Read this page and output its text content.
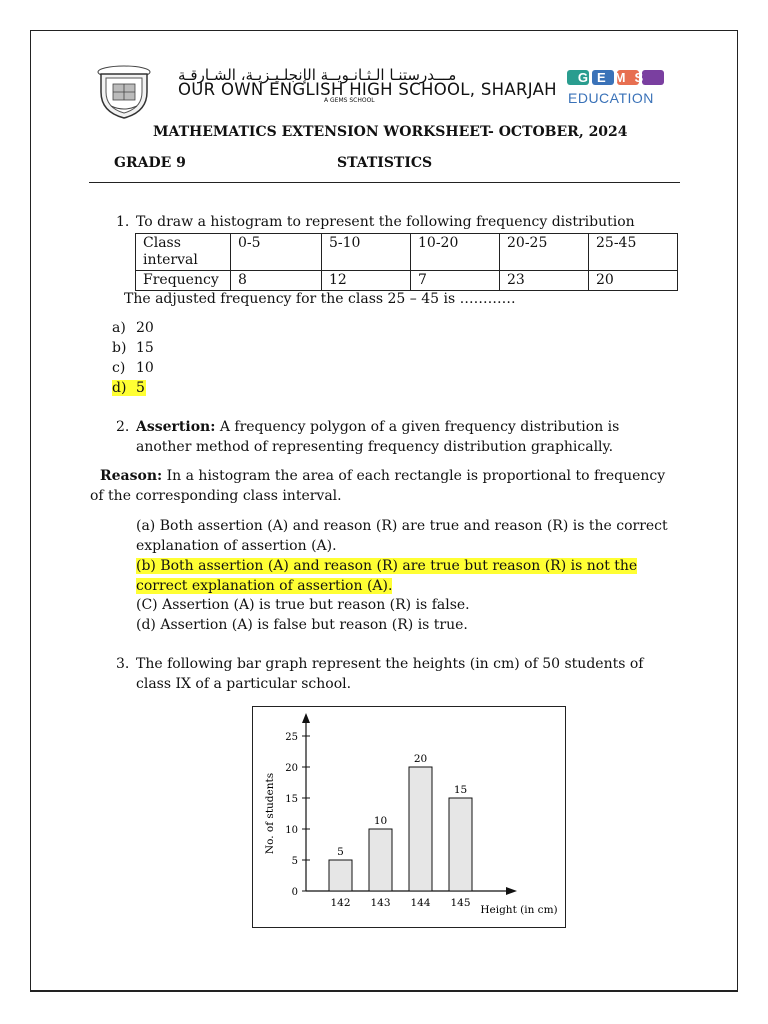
مـــدرستنـا الـثـانـويــة الإنجلـيـزيـة، الشـارقـة
OUR OWN ENGLISH HIGH SCHOOL, SHARJAH
A GEMS SCHOOL
GEMS
EDUCATION
MATHEMATICS EXTENSION WORKSHEET- OCTOBER, 2024
GRADE 9	STATISTICS
1. To draw a histogram to represent the following frequency distribution
Class
interval	0-5	5-10	10-20	20-25	25-45
Frequency	8	12	7	23	20
The adjusted frequency for the class 25 – 45 is …………
a) 20
b) 15
c) 10
d) 5
2. Assertion: A frequency polygon of a given frequency distribution is
another method of representing frequency distribution graphically.
Reason: In a histogram the area of each rectangle is proportional to frequency
of the corresponding class interval.
(a) Both assertion (A) and reason (R) are true and reason (R) is the correct
explanation of assertion (A).
(b) Both assertion (A) and reason (R) are true but reason (R) is not the
correct explanation of assertion (A).
(C) Assertion (A) is true but reason (R) is false.
(d) Assertion (A) is false but reason (R) is true.
3. The following bar graph represent the heights (in cm) of 50 students of
class IX of a particular school.
0
5
10
15
20
25
No. of students	5
142
10
143
20
144
15
145
Height (in cm)
